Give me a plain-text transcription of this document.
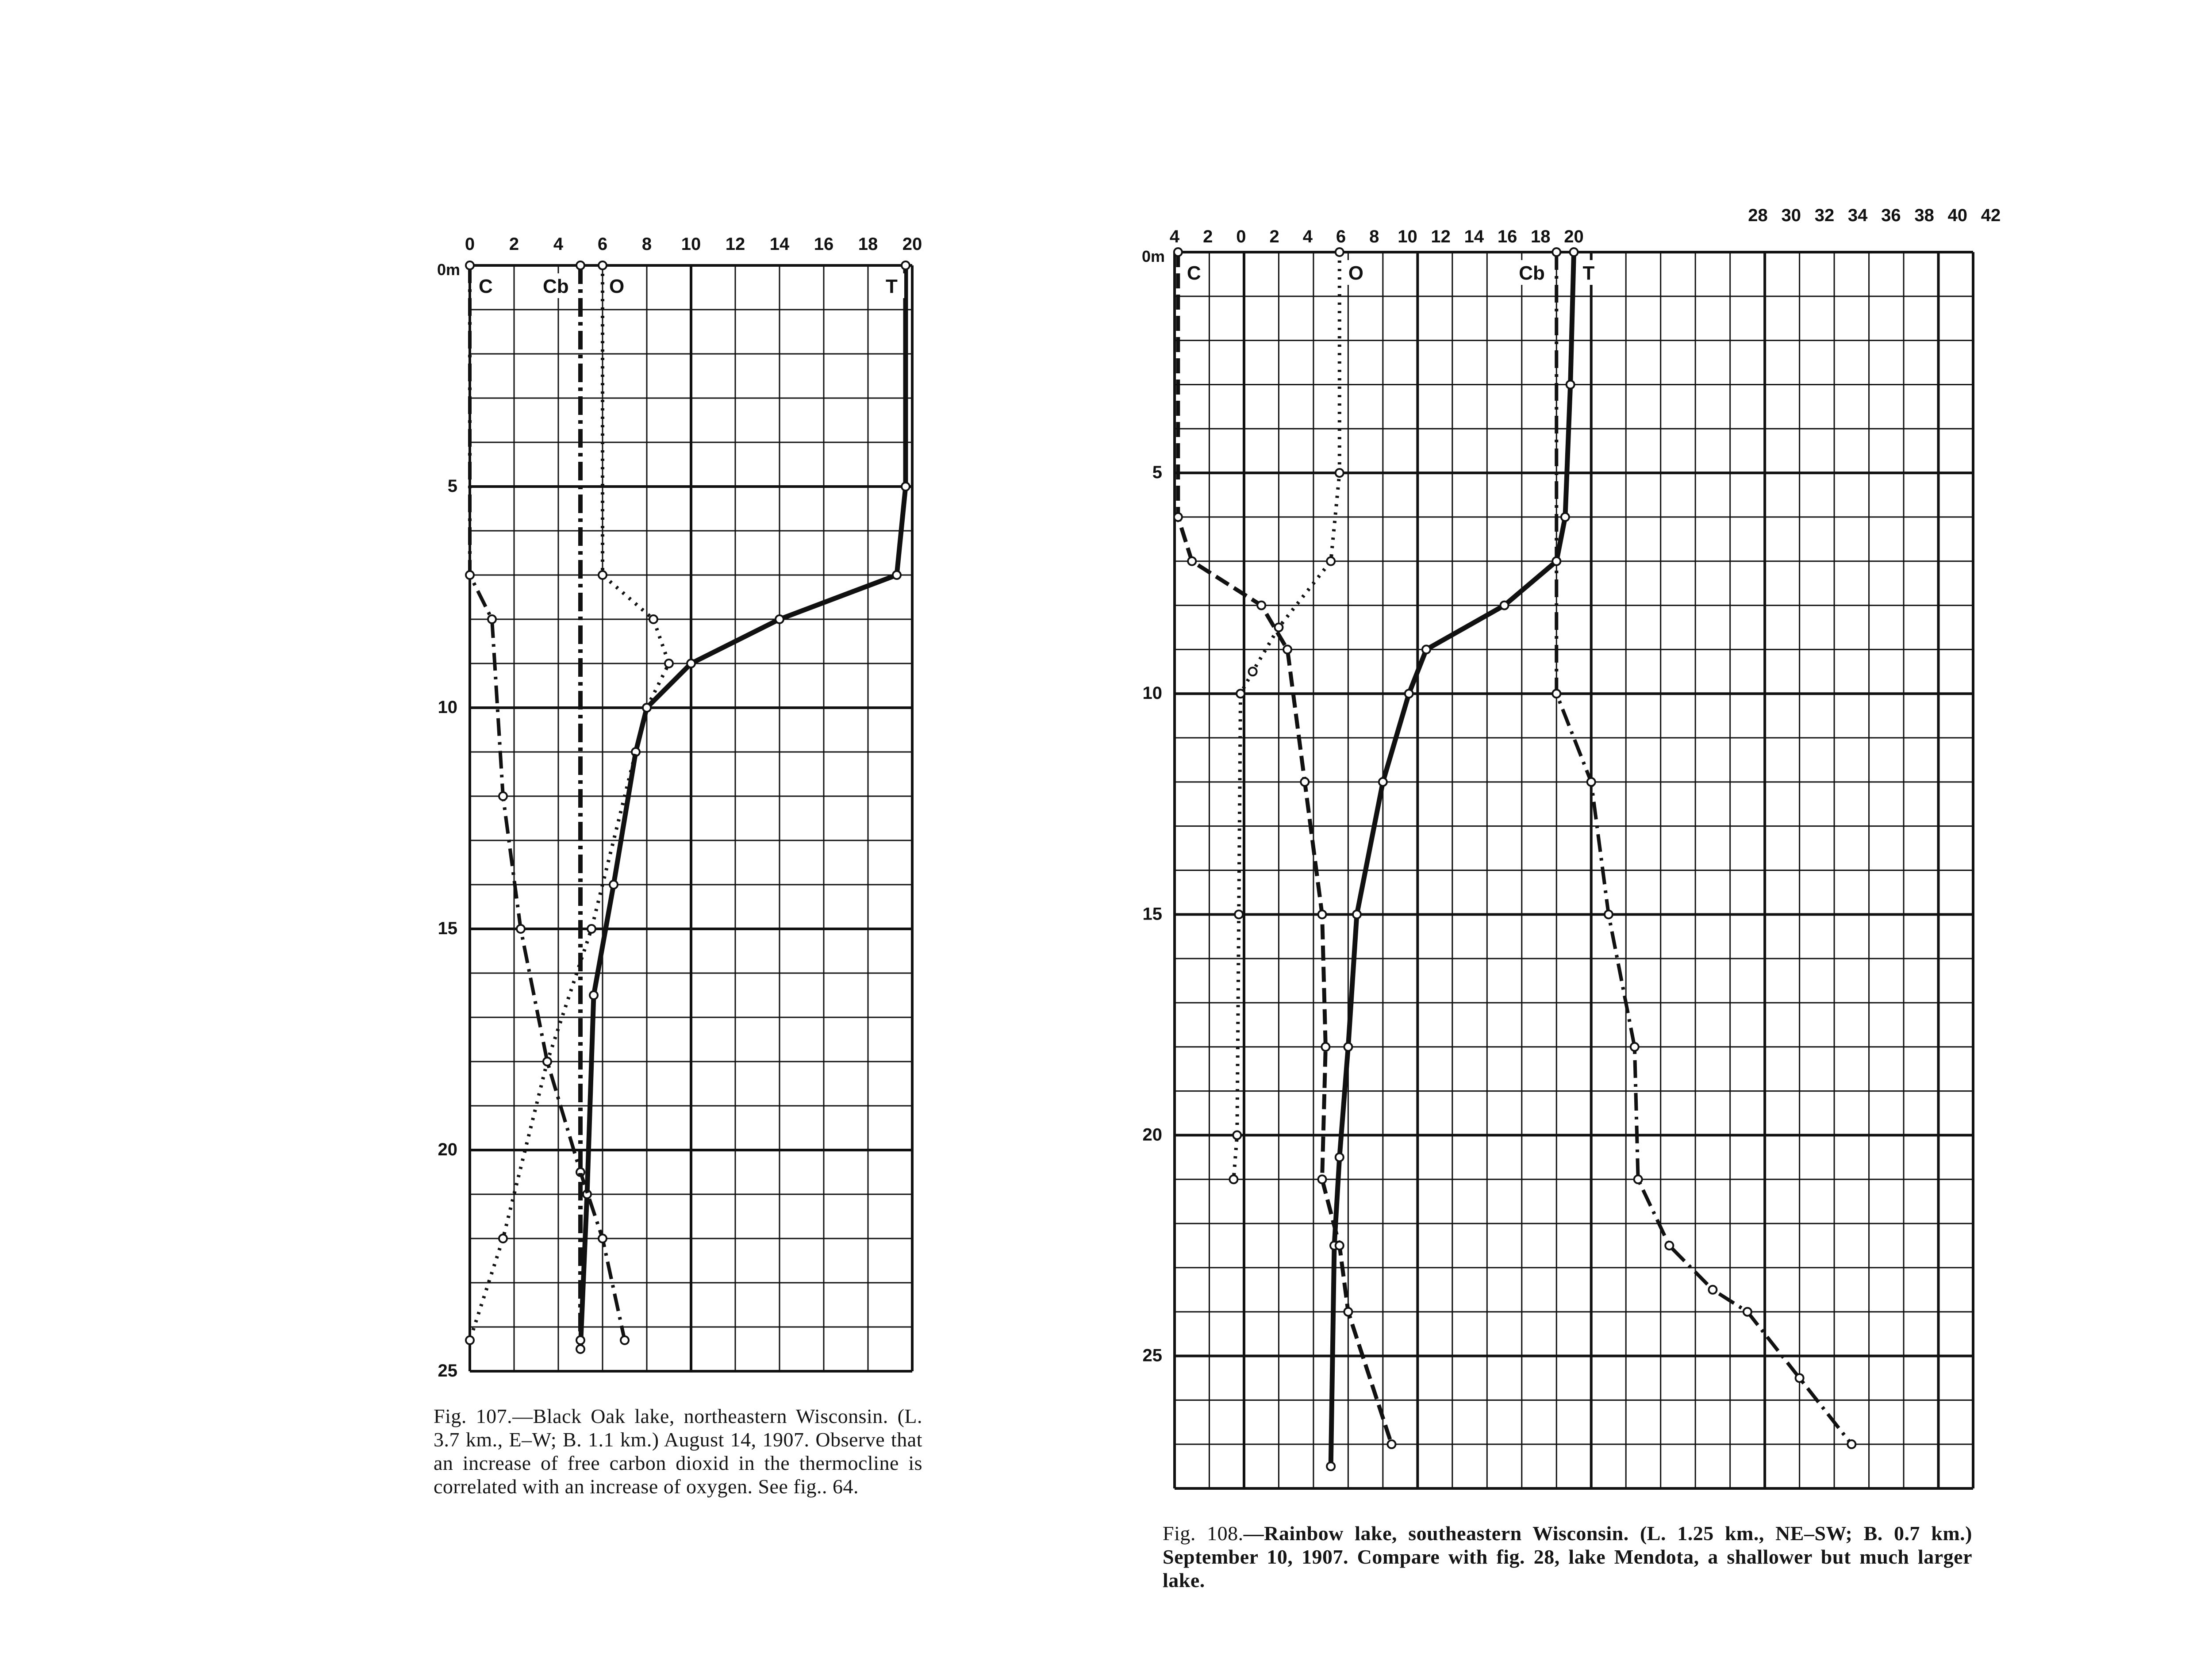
0 2 4 6 8 10 12 14 16 18 20
5
10
15
20
25
0m
T
O
C	Cb
4 2 0 2 4 6 8 10 12 14 16 18 20
28 30 32 34 36 38 40 42
5
10
15
20
25
0m
T
O
C	Cb
Fig. 107.—Black Oak lake, northeastern Wisconsin. (L. 3.7 km., E–W; B. 1.1 km.) August 14, 1907. Observe that an increase of free carbon dioxid in the thermocline is correlated with an increase of oxygen. See fig.. 64.
Fig. 108.—Rainbow lake, southeastern Wisconsin. (L. 1.25 km., NE–SW; B. 0.7 km.) September 10, 1907. Compare with fig. 28, lake Mendota, a shallower but much larger lake.
